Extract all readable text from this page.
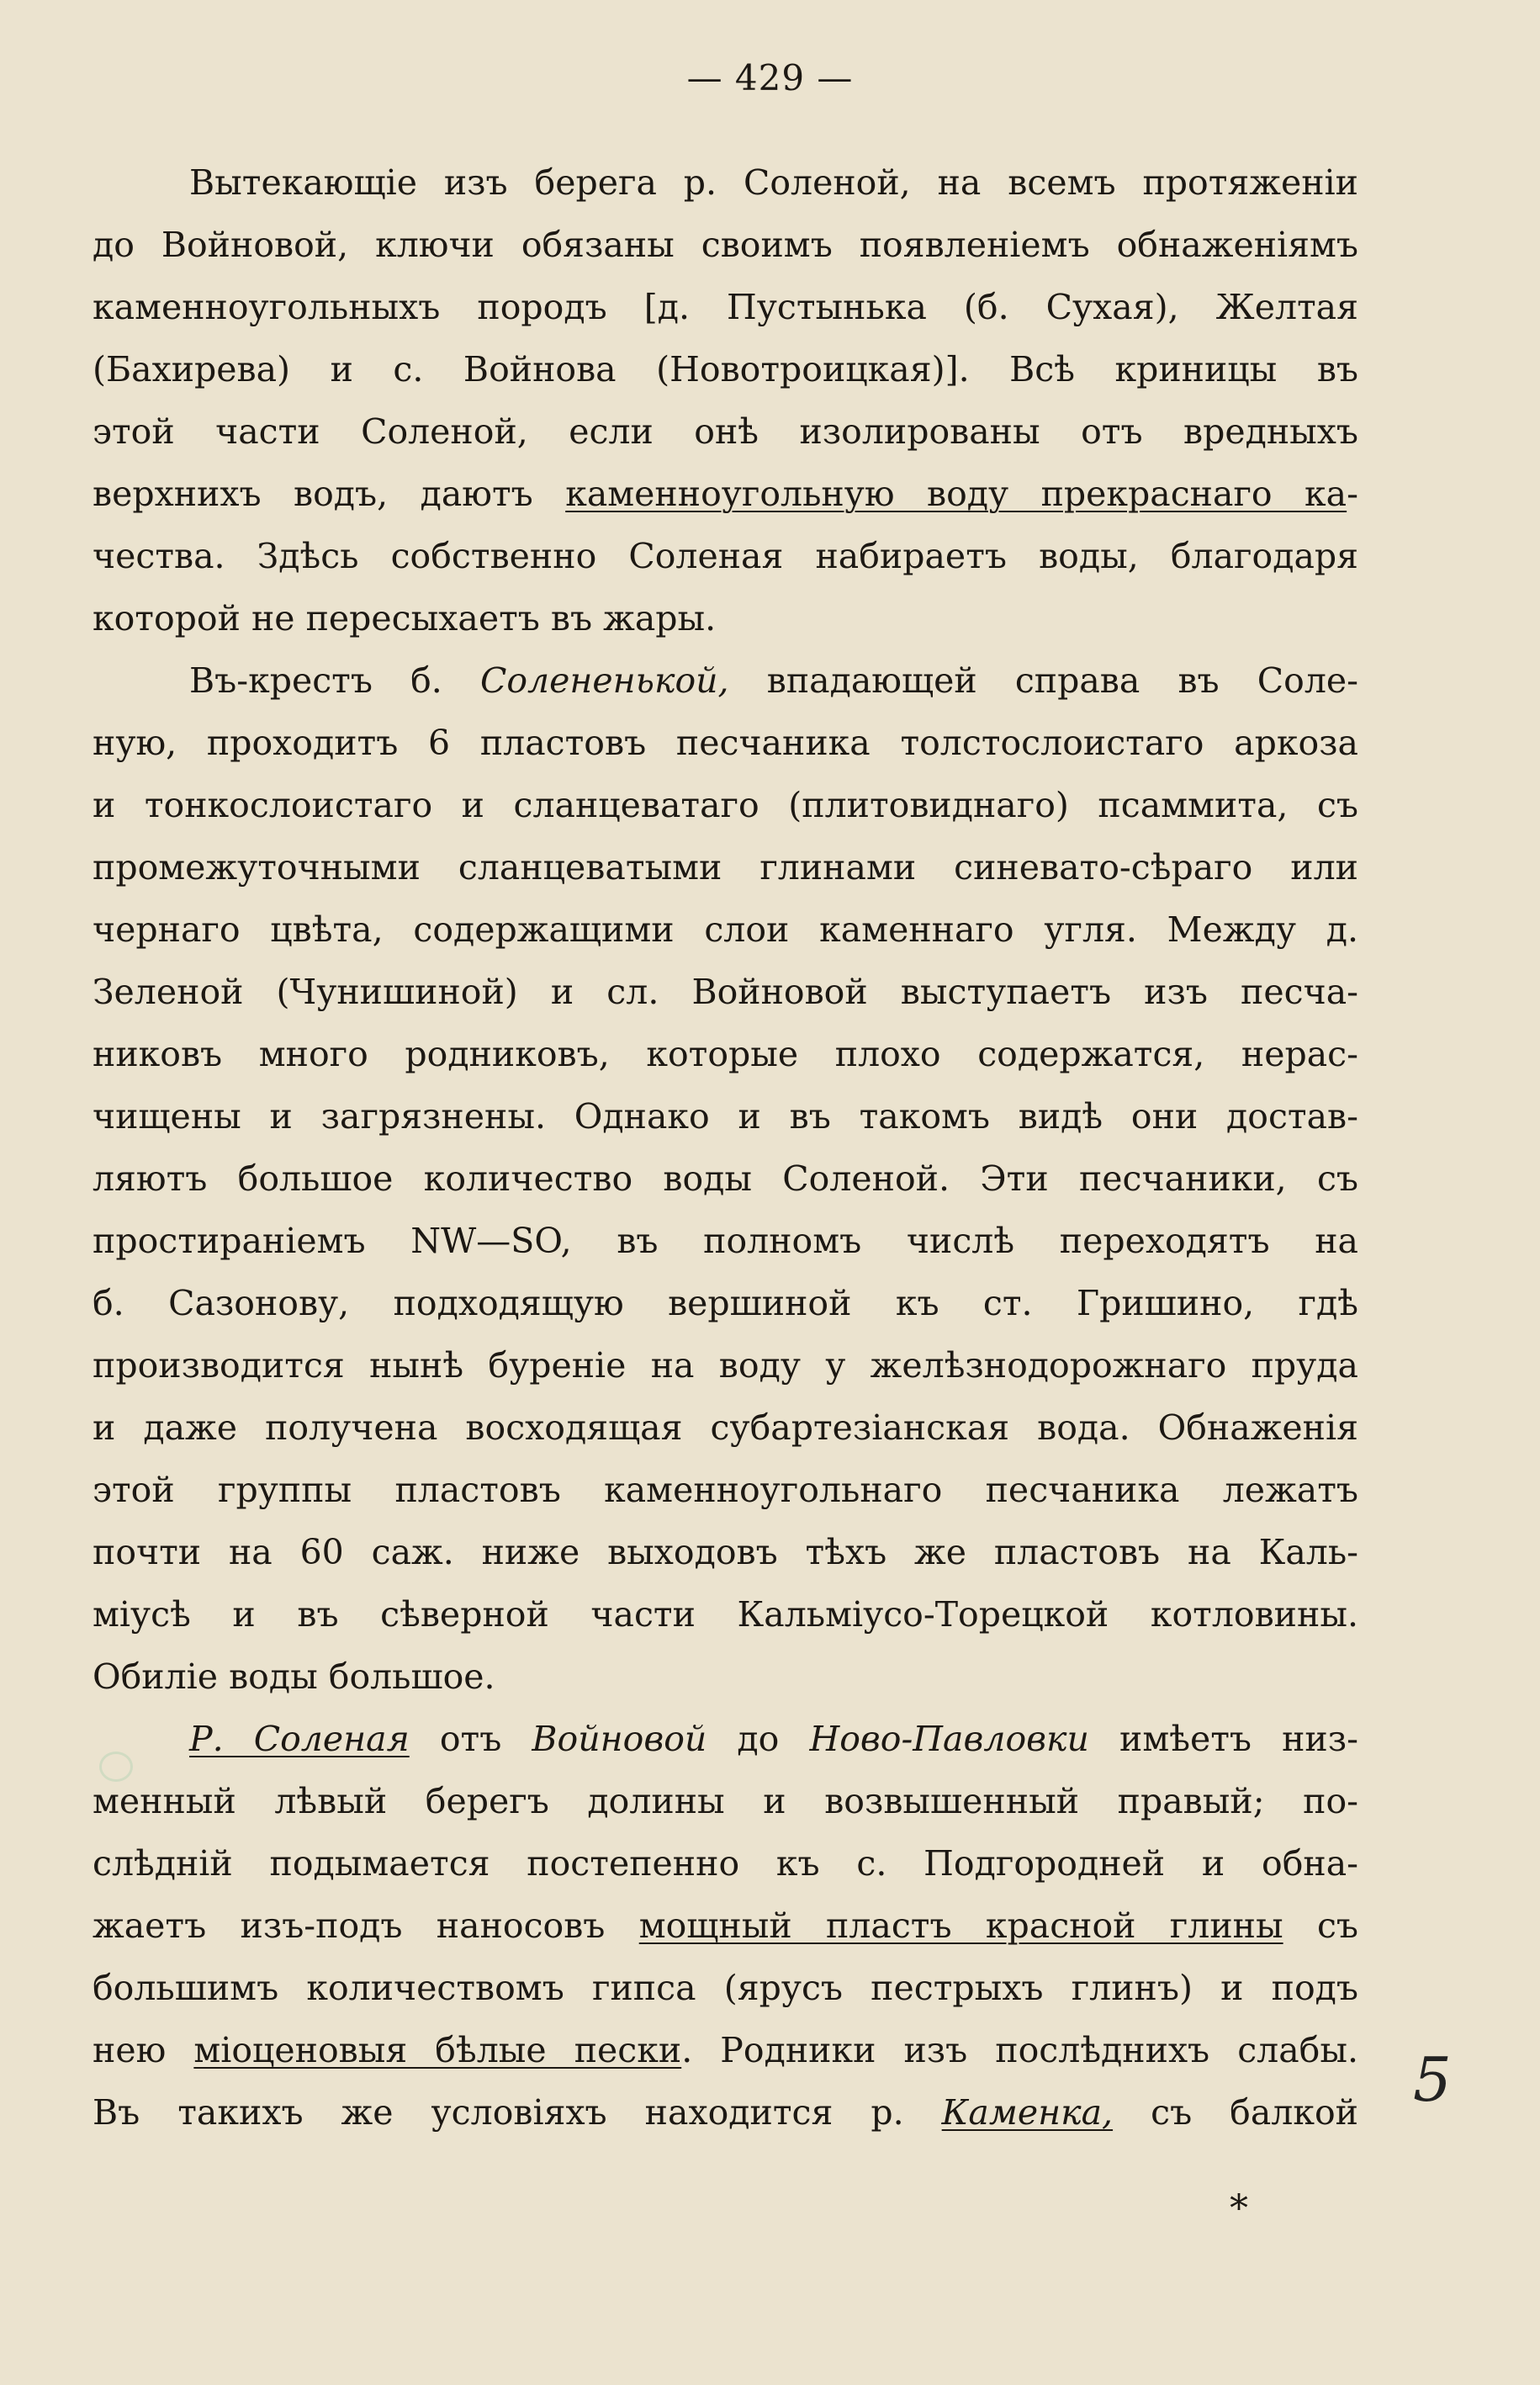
— 429 —

Вытекающіе изъ берега р. Соленой, на всемъ протяженіи

до Войновой, ключи обязаны своимъ появленіемъ обнаженіямъ

каменноугольныхъ породъ [д. Пустынька (б. Сухая), Желтая

(Бахирева) и с. Войнова (Новотроицкая)]. Всѣ криницы въ

этой части Соленой, если онѣ изолированы отъ вредныхъ

верхнихъ водъ, даютъ каменноугольную воду прекраснаго ка-

чества. Здѣсь собственно Соленая набираетъ воды, благодаря

которой не пересыхаетъ въ жары.

Въ-крестъ б. Солененькой, впадающей справа въ Соле-

ную, проходитъ 6 пластовъ песчаника толстослоистаго аркоза

и тонкослоистаго и сланцеватаго (плитовиднаго) псаммита, съ

промежуточными сланцеватыми глинами синевато-сѣраго или

чернаго цвѣта, содержащими слои каменнаго угля. Между д.

Зеленой (Чунишиной) и сл. Войновой выступаетъ изъ песча-

никовъ много родниковъ, которые плохо содержатся, нерас-

чищены и загрязнены. Однако и въ такомъ видѣ они достав-

ляютъ большое количество воды Соленой. Эти песчаники, съ

простираніемъ NW—SO, въ полномъ числѣ переходятъ на

б. Сазонову, подходящую вершиной къ ст. Гришино, гдѣ

производится нынѣ буреніе на воду у желѣзнодорожнаго пруда

и даже получена восходящая субартезіанская вода. Обнаженія

этой группы пластовъ каменноугольнаго песчаника лежатъ

почти на 60 саж. ниже выходовъ тѣхъ же пластовъ на Каль-

міусѣ и въ сѣверной части Кальміусо-Торецкой котловины.

Обиліе воды большое.

Р. Соленая отъ Войновой до Ново-Павловки имѣетъ низ-

менный лѣвый берегъ долины и возвышенный правый; по-

слѣдній подымается постепенно къ с. Подгородней и обна-

жаетъ изъ-подъ наносовъ мощный пластъ красной глины съ

большимъ количествомъ гипса (ярусъ пестрыхъ глинъ) и подъ

нею міоценовыя бѣлые пески. Родники изъ послѣднихъ слабы.

Въ такихъ же условіяхъ находится р. Каменка, съ балкой 5
*
